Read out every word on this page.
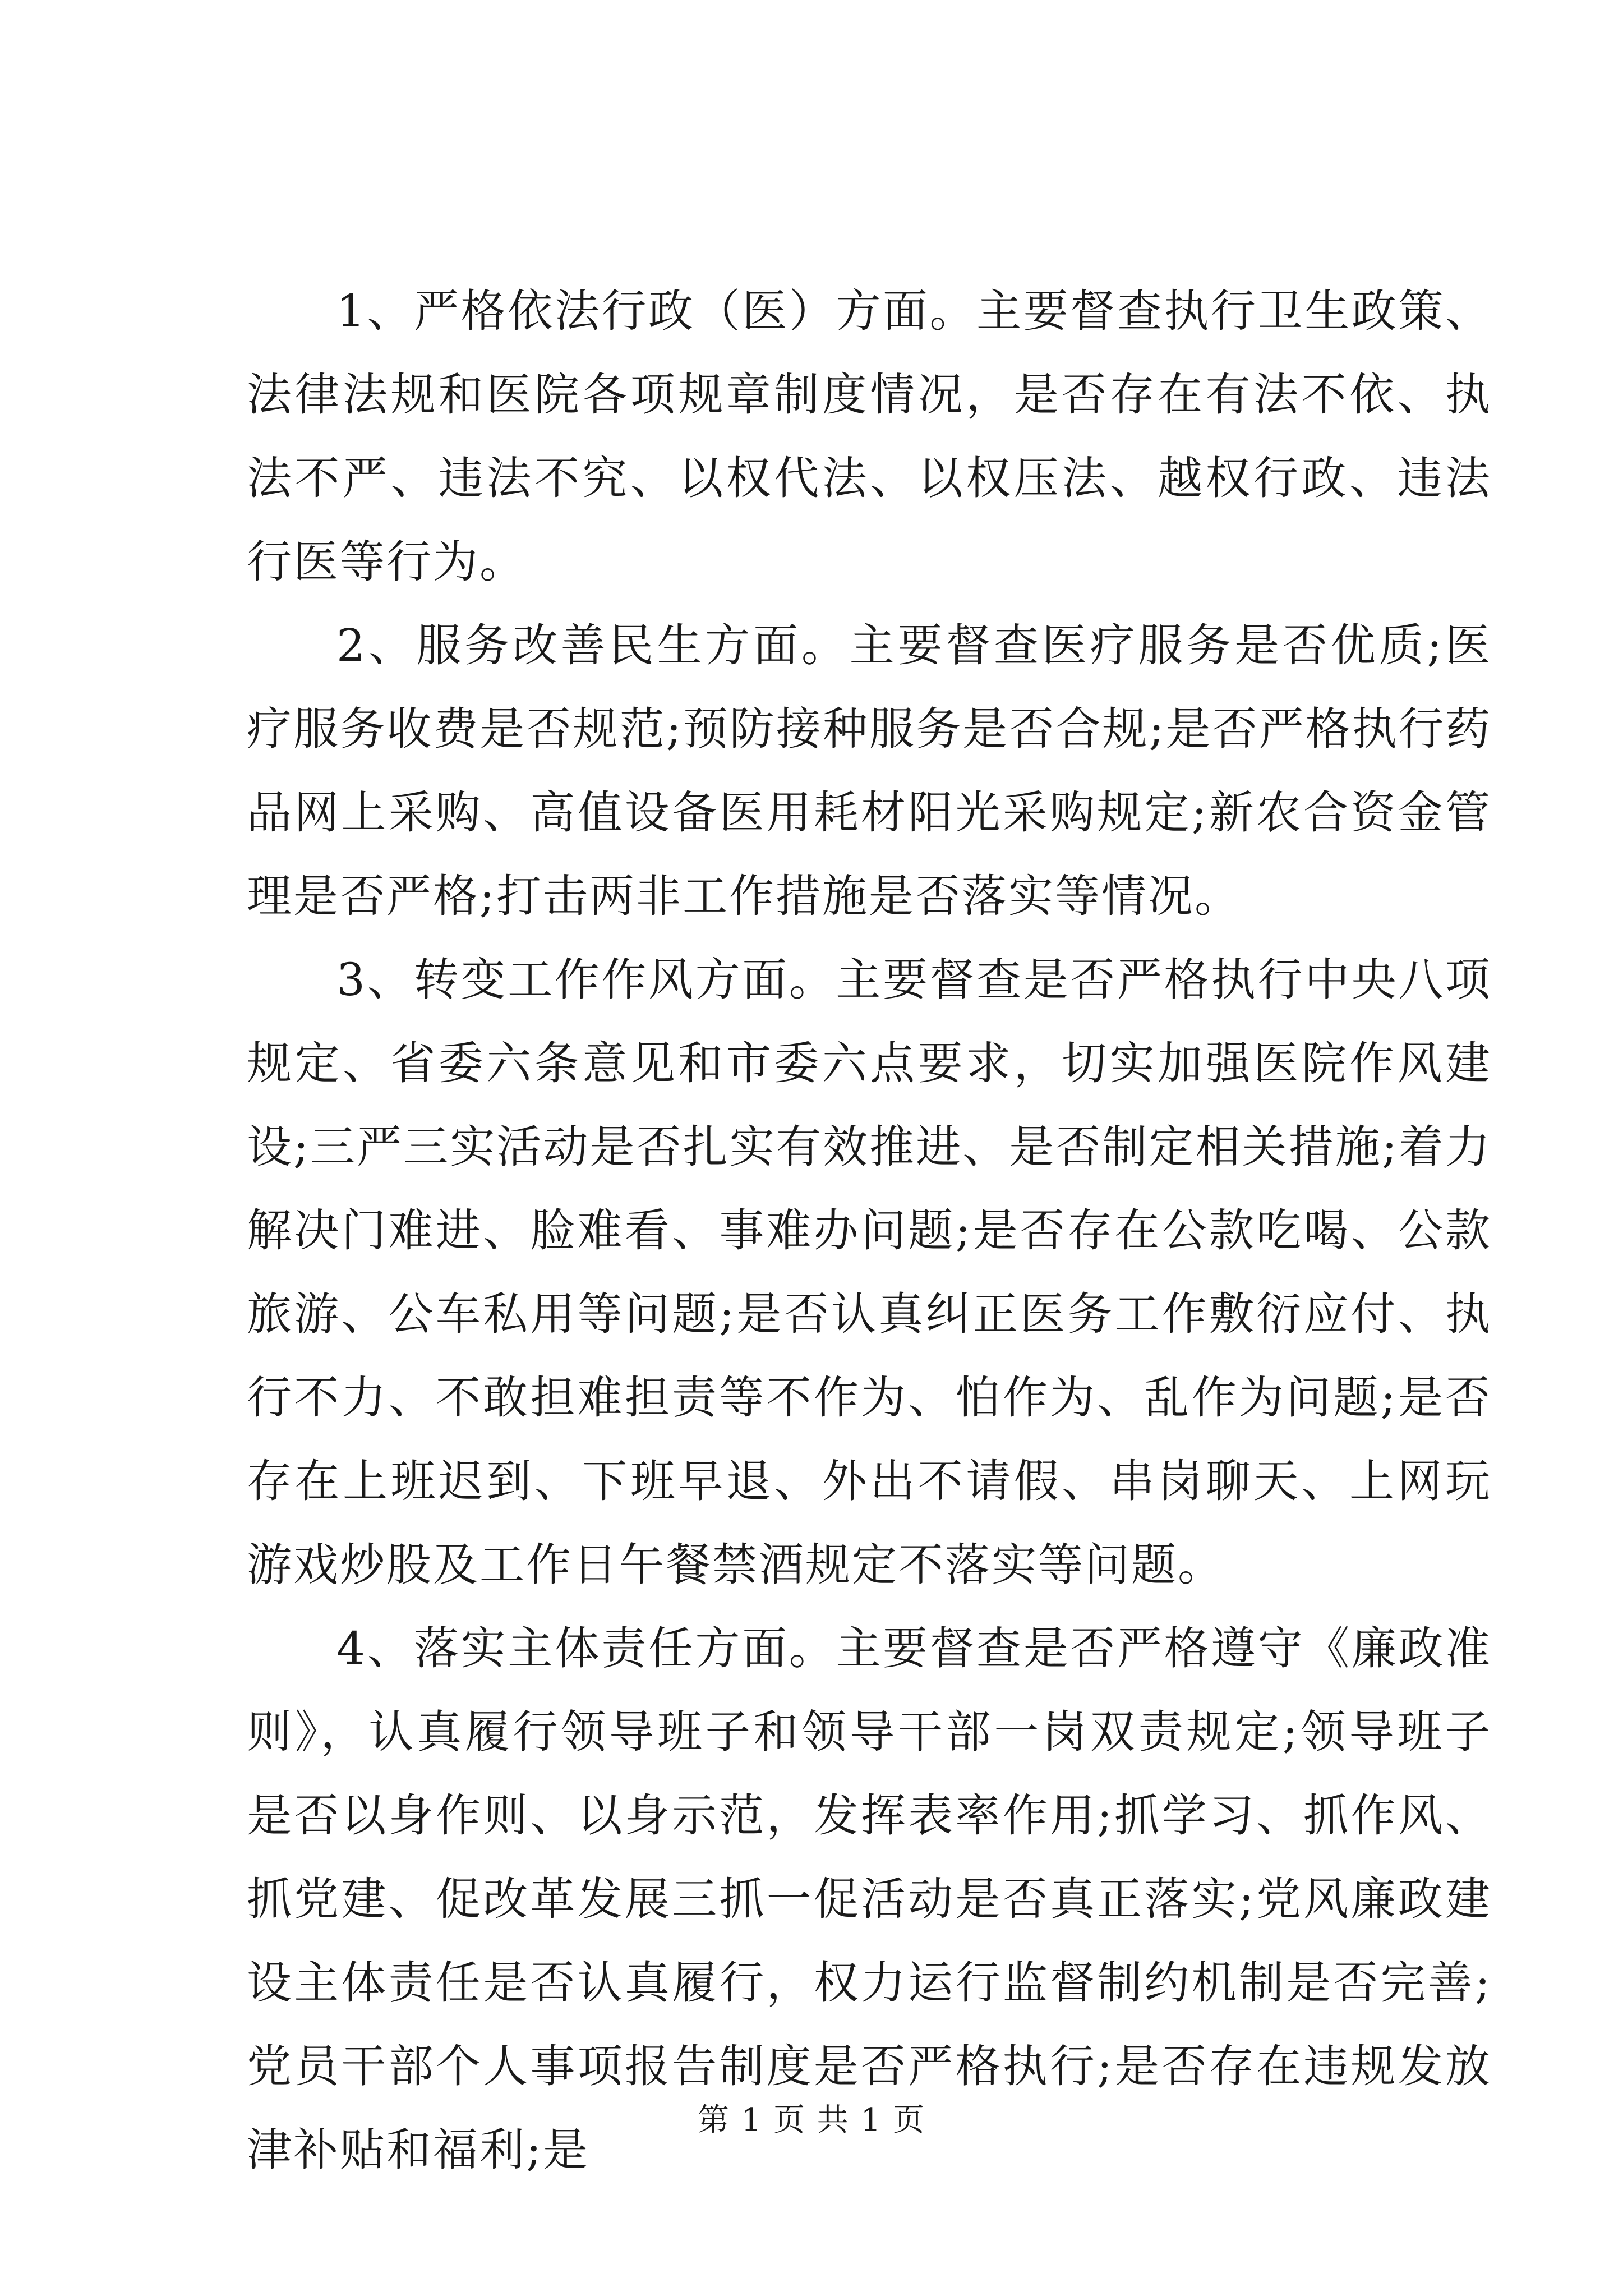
1、严格依法行政（医）方面。主要督查执行卫生政策、法律法规和医院各项规章制度情况，是否存在有法不依、执法不严、违法不究、以权代法、以权压法、越权行政、违法行医等行为。

2、服务改善民生方面。主要督查医疗服务是否优质;医疗服务收费是否规范;预防接种服务是否合规;是否严格执行药品网上采购、高值设备医用耗材阳光采购规定;新农合资金管理是否严格;打击两非工作措施是否落实等情况。

3、转变工作作风方面。主要督查是否严格执行中央八项规定、省委六条意见和市委六点要求，切实加强医院作风建设;三严三实活动是否扎实有效推进、是否制定相关措施;着力解决门难进、脸难看、事难办问题;是否存在公款吃喝、公款旅游、公车私用等问题;是否认真纠正医务工作敷衍应付、执行不力、不敢担难担责等不作为、怕作为、乱作为问题;是否存在上班迟到、下班早退、外出不请假、串岗聊天、上网玩游戏炒股及工作日午餐禁酒规定不落实等问题。

4、落实主体责任方面。主要督查是否严格遵守《廉政准则》，认真履行领导班子和领导干部一岗双责规定;领导班子是否以身作则、以身示范，发挥表率作用;抓学习、抓作风、抓党建、促改革发展三抓一促活动是否真正落实;党风廉政建设主体责任是否认真履行，权力运行监督制约机制是否完善;党员干部个人事项报告制度是否严格执行;是否存在违规发放津补贴和福利;是

第 1 页 共 1 页
